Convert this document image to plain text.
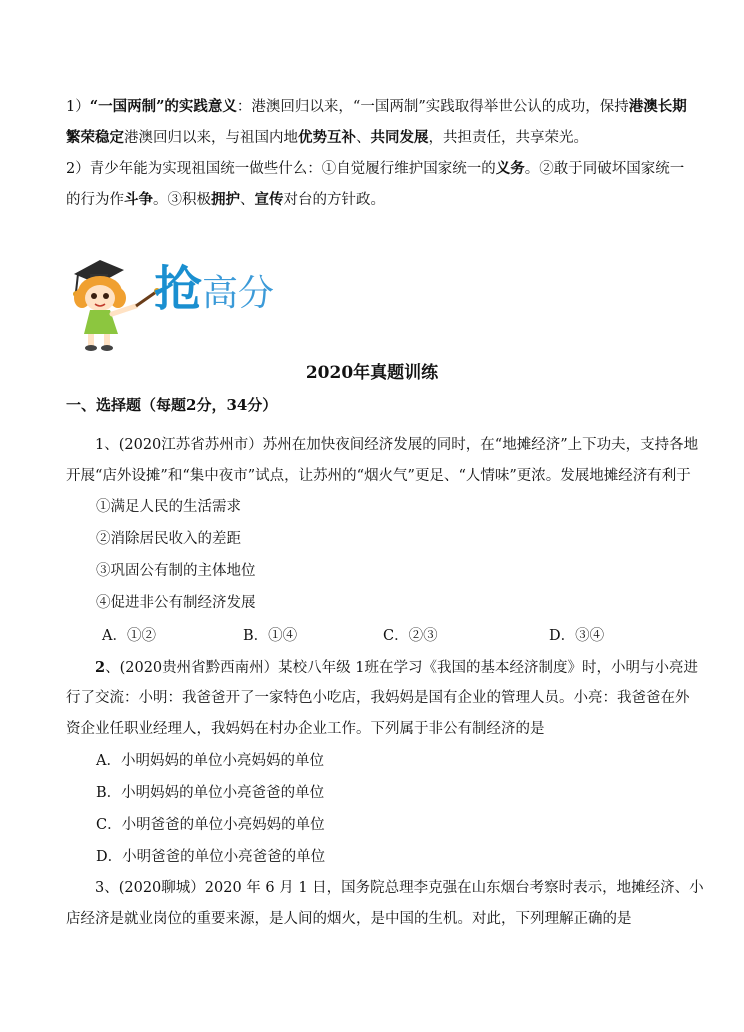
1）“一国两制”的实践意义：港澳回归以来，“一国两制”实践取得举世公认的成功，保持港澳长期
繁荣稳定港澳回归以来，与祖国内地优势互补、共同发展，共担责任，共享荣光。
2）青少年能为实现祖国统一做些什么：①自觉履行维护国家统一的义务。②敢于同破坏国家统一
的行为作斗争。③积极拥护、宣传对台的方针政。
抢高分
2020年真题训练
一、选择题（每题2分，34分）
1、(2020江苏省苏州市）苏州在加快夜间经济发展的同时，在“地摊经济”上下功夫，支持各地
开展“店外设摊”和“集中夜市”试点，让苏州的“烟火气”更足、“人情味”更浓。发展地摊经济有利于
①满足人民的生活需求
②消除居民收入的差距
③巩固公有制的主体地位
④促进非公有制经济发展
A．①②	B．①④	C．②③	D．③④
2、(2020贵州省黔西南州）某校八年级 1班在学习《我国的基本经济制度》时，小明与小亮进
行了交流：小明：我爸爸开了一家特色小吃店，我妈妈是国有企业的管理人员。小亮：我爸爸在外
资企业任职业经理人，我妈妈在村办企业工作。下列属于非公有制经济的是
A．小明妈妈的单位小亮妈妈的单位
B．小明妈妈的单位小亮爸爸的单位
C．小明爸爸的单位小亮妈妈的单位
D．小明爸爸的单位小亮爸爸的单位
3、(2020聊城）2020 年 6 月 1 日，国务院总理李克强在山东烟台考察时表示，地摊经济、小
店经济是就业岗位的重要来源，是人间的烟火，是中国的生机。对此，下列理解正确的是
